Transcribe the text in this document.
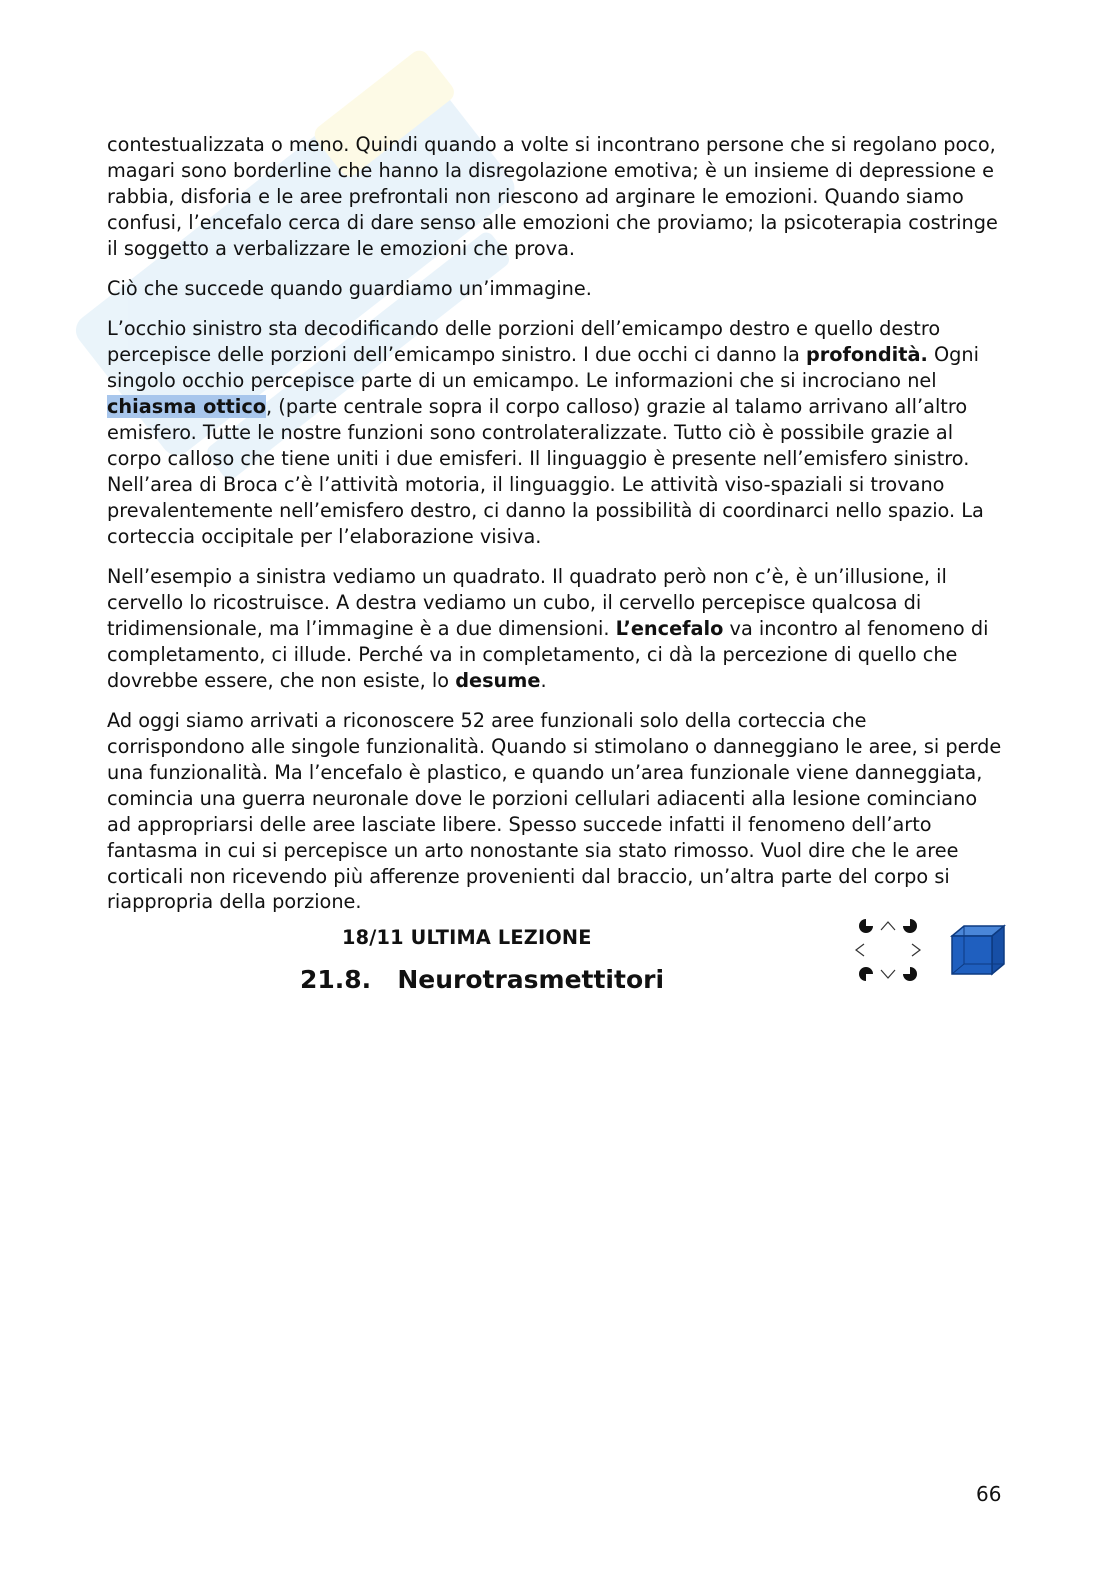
contestualizzata o meno. Quindi quando a volte si incontrano persone che si regolano poco, magari sono borderline che hanno la disregolazione emotiva; è un insieme di depressione e rabbia, disforia e le aree prefrontali non riescono ad arginare le emozioni. Quando siamo confusi, l’encefalo cerca di dare senso alle emozioni che proviamo; la psicoterapia costringe il soggetto a verbalizzare le emozioni che prova.

Ciò che succede quando guardiamo un’immagine.

L’occhio sinistro sta decodificando delle porzioni dell’emicampo destro e quello destro percepisce delle porzioni dell’emicampo sinistro. I due occhi ci danno la profondità. Ogni singolo occhio percepisce parte di un emicampo. Le informazioni che si incrociano nel chiasma ottico, (parte centrale sopra il corpo calloso) grazie al talamo arrivano all’altro emisfero. Tutte le nostre funzioni sono controlateralizzate. Tutto ciò è possibile grazie al corpo calloso che tiene uniti i due emisferi. Il linguaggio è presente nell’emisfero sinistro. Nell’area di Broca c’è l’attività motoria, il linguaggio. Le attività viso-spaziali si trovano prevalentemente nell’emisfero destro, ci danno la possibilità di coordinarci nello spazio. La corteccia occipitale per l’elaborazione visiva.

Nell’esempio a sinistra vediamo un quadrato. Il quadrato però non c’è, è un’illusione, il cervello lo ricostruisce. A destra vediamo un cubo, il cervello percepisce qualcosa di tridimensionale, ma l’immagine è a due dimensioni. L’encefalo va incontro al fenomeno di completamento, ci illude. Perché va in completamento, ci dà la percezione di quello che dovrebbe essere, che non esiste, lo desume.

Ad oggi siamo arrivati a riconoscere 52 aree funzionali solo della corteccia che corrispondono alle singole funzionalità. Quando si stimolano o danneggiano le aree, si perde una funzionalità. Ma l’encefalo è plastico, e quando un’area funzionale viene danneggiata, comincia una guerra neuronale dove le porzioni cellulari adiacenti alla lesione cominciano ad appropriarsi delle aree lasciate libere. Spesso succede infatti il fenomeno dell’arto fantasma in cui si percepisce un arto nonostante sia stato rimosso. Vuol dire che le aree corticali non ricevendo più afferenze provenienti dal braccio, un’altra parte del corpo si riappropria della porzione.

18/11 ULTIMA LEZIONE
21.8. Neurotrasmettitori
66
